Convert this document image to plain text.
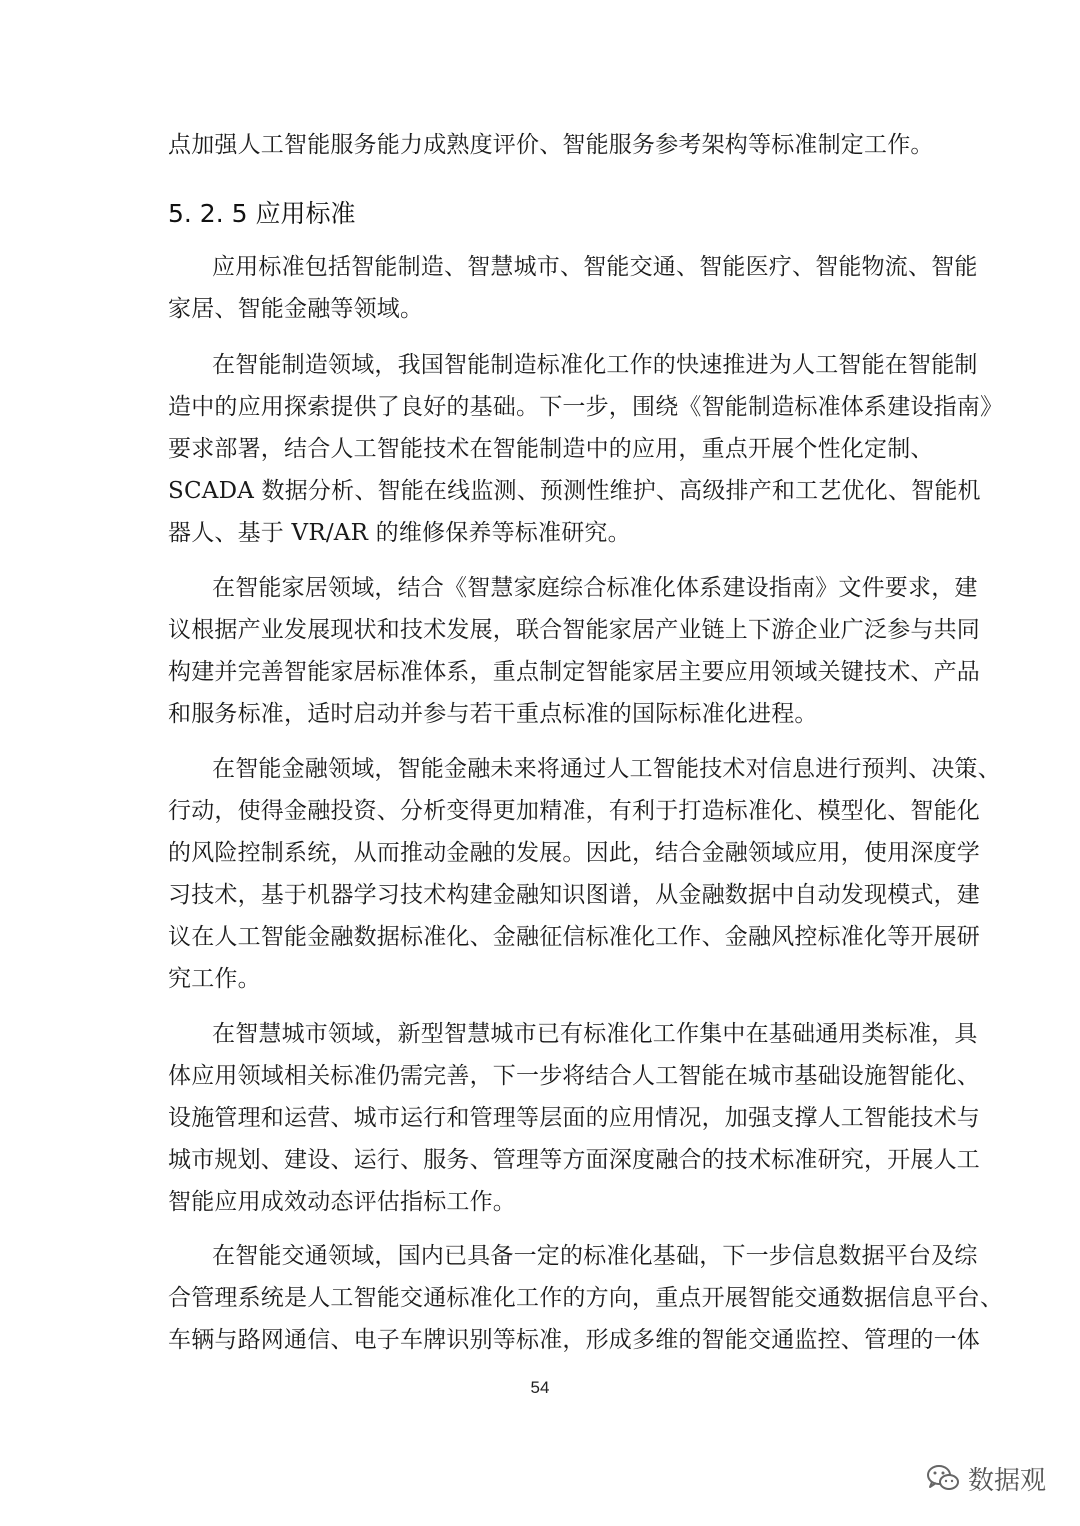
点加强人工智能服务能力成熟度评价、智能服务参考架构等标准制定工作。
5. 2. 5 应用标准
应用标准包括智能制造、智慧城市、智能交通、智能医疗、智能物流、智能
家居、智能金融等领域。
在智能制造领域，我国智能制造标准化工作的快速推进为人工智能在智能制
造中的应用探索提供了良好的基础。下一步，围绕《智能制造标准体系建设指南》
要求部署，结合人工智能技术在智能制造中的应用，重点开展个性化定制、
SCADA 数据分析、智能在线监测、预测性维护、高级排产和工艺优化、智能机
器人、基于 VR/AR 的维修保养等标准研究。
在智能家居领域，结合《智慧家庭综合标准化体系建设指南》文件要求，建
议根据产业发展现状和技术发展，联合智能家居产业链上下游企业广泛参与共同
构建并完善智能家居标准体系，重点制定智能家居主要应用领域关键技术、产品
和服务标准，适时启动并参与若干重点标准的国际标准化进程。
在智能金融领域，智能金融未来将通过人工智能技术对信息进行预判、决策、
行动，使得金融投资、分析变得更加精准，有利于打造标准化、模型化、智能化
的风险控制系统，从而推动金融的发展。因此，结合金融领域应用，使用深度学
习技术，基于机器学习技术构建金融知识图谱，从金融数据中自动发现模式，建
议在人工智能金融数据标准化、金融征信标准化工作、金融风控标准化等开展研
究工作。
在智慧城市领域，新型智慧城市已有标准化工作集中在基础通用类标准，具
体应用领域相关标准仍需完善，下一步将结合人工智能在城市基础设施智能化、
设施管理和运营、城市运行和管理等层面的应用情况，加强支撑人工智能技术与
城市规划、建设、运行、服务、管理等方面深度融合的技术标准研究，开展人工
智能应用成效动态评估指标工作。
在智能交通领域，国内已具备一定的标准化基础，下一步信息数据平台及综
合管理系统是人工智能交通标准化工作的方向，重点开展智能交通数据信息平台、
车辆与路网通信、电子车牌识别等标准，形成多维的智能交通监控、管理的一体
54
数据观
